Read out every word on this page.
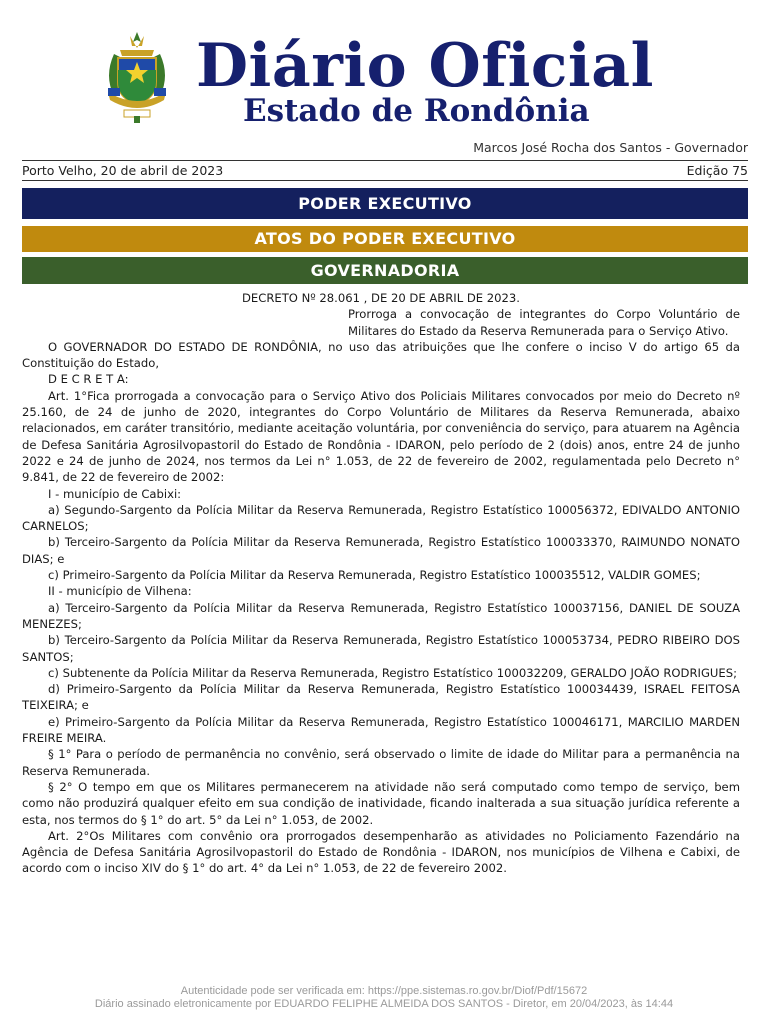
Diário Oficial
Estado de Rondônia
Marcos José Rocha dos Santos - Governador
Porto Velho, 20 de abril de 2023	Edição 75
PODER EXECUTIVO
ATOS DO PODER EXECUTIVO
GOVERNADORIA

DECRETO Nº 28.061 , DE 20 DE ABRIL DE 2023.

Prorroga a convocação de integrantes do Corpo Voluntário de Militares do Estado da Reserva Remunerada para o Serviço Ativo.

O GOVERNADOR DO ESTADO DE RONDÔNIA, no uso das atribuições que lhe confere o inciso V do artigo 65 da Constituição do Estado,

D E C R E T A:

Art. 1°Fica prorrogada a convocação para o Serviço Ativo dos Policiais Militares convocados por meio do Decreto nº 25.160, de 24 de junho de 2020, integrantes do Corpo Voluntário de Militares da Reserva Remunerada, abaixo relacionados, em caráter transitório, mediante aceitação voluntária, por conveniência do serviço, para atuarem na Agência de Defesa Sanitária Agrosilvopastoril do Estado de Rondônia - IDARON, pelo período de 2 (dois) anos, entre 24 de junho 2022 e 24 de junho de 2024, nos termos da Lei n° 1.053, de 22 de fevereiro de 2002, regulamentada pelo Decreto n° 9.841, de 22 de fevereiro de 2002:

I - município de Cabixi:

a) Segundo-Sargento da Polícia Militar da Reserva Remunerada, Registro Estatístico 100056372, EDIVALDO ANTONIO CARNELOS;

b) Terceiro-Sargento da Polícia Militar da Reserva Remunerada, Registro Estatístico 100033370, RAIMUNDO NONATO DIAS; e

c) Primeiro-Sargento da Polícia Militar da Reserva Remunerada, Registro Estatístico 100035512, VALDIR GOMES;

II - município de Vilhena:

a) Terceiro-Sargento da Polícia Militar da Reserva Remunerada, Registro Estatístico 100037156, DANIEL DE SOUZA MENEZES;

b) Terceiro-Sargento da Polícia Militar da Reserva Remunerada, Registro Estatístico 100053734, PEDRO RIBEIRO DOS SANTOS;

c) Subtenente da Polícia Militar da Reserva Remunerada, Registro Estatístico 100032209, GERALDO JOÃO RODRIGUES;

d) Primeiro-Sargento da Polícia Militar da Reserva Remunerada, Registro Estatístico 100034439, ISRAEL FEITOSA TEIXEIRA; e

e) Primeiro-Sargento da Polícia Militar da Reserva Remunerada, Registro Estatístico 100046171, MARCILIO MARDEN FREIRE MEIRA.

§ 1° Para o período de permanência no convênio, será observado o limite de idade do Militar para a permanência na Reserva Remunerada.

§ 2° O tempo em que os Militares permanecerem na atividade não será computado como tempo de serviço, bem como não produzirá qualquer efeito em sua condição de inatividade, ficando inalterada a sua situação jurídica referente a esta, nos termos do § 1° do art. 5° da Lei n° 1.053, de 2002.

Art. 2°Os Militares com convênio ora prorrogados desempenharão as atividades no Policiamento Fazendário na Agência de Defesa Sanitária Agrosilvopastoril do Estado de Rondônia - IDARON, nos municípios de Vilhena e Cabixi, de acordo com o inciso XIV do § 1° do art. 4° da Lei n° 1.053, de 22 de fevereiro 2002.

Autenticidade pode ser verificada em: https://ppe.sistemas.ro.gov.br/Diof/Pdf/15672
Diário assinado eletronicamente por EDUARDO FELIPHE ALMEIDA DOS SANTOS - Diretor, em 20/04/2023, às 14:44
